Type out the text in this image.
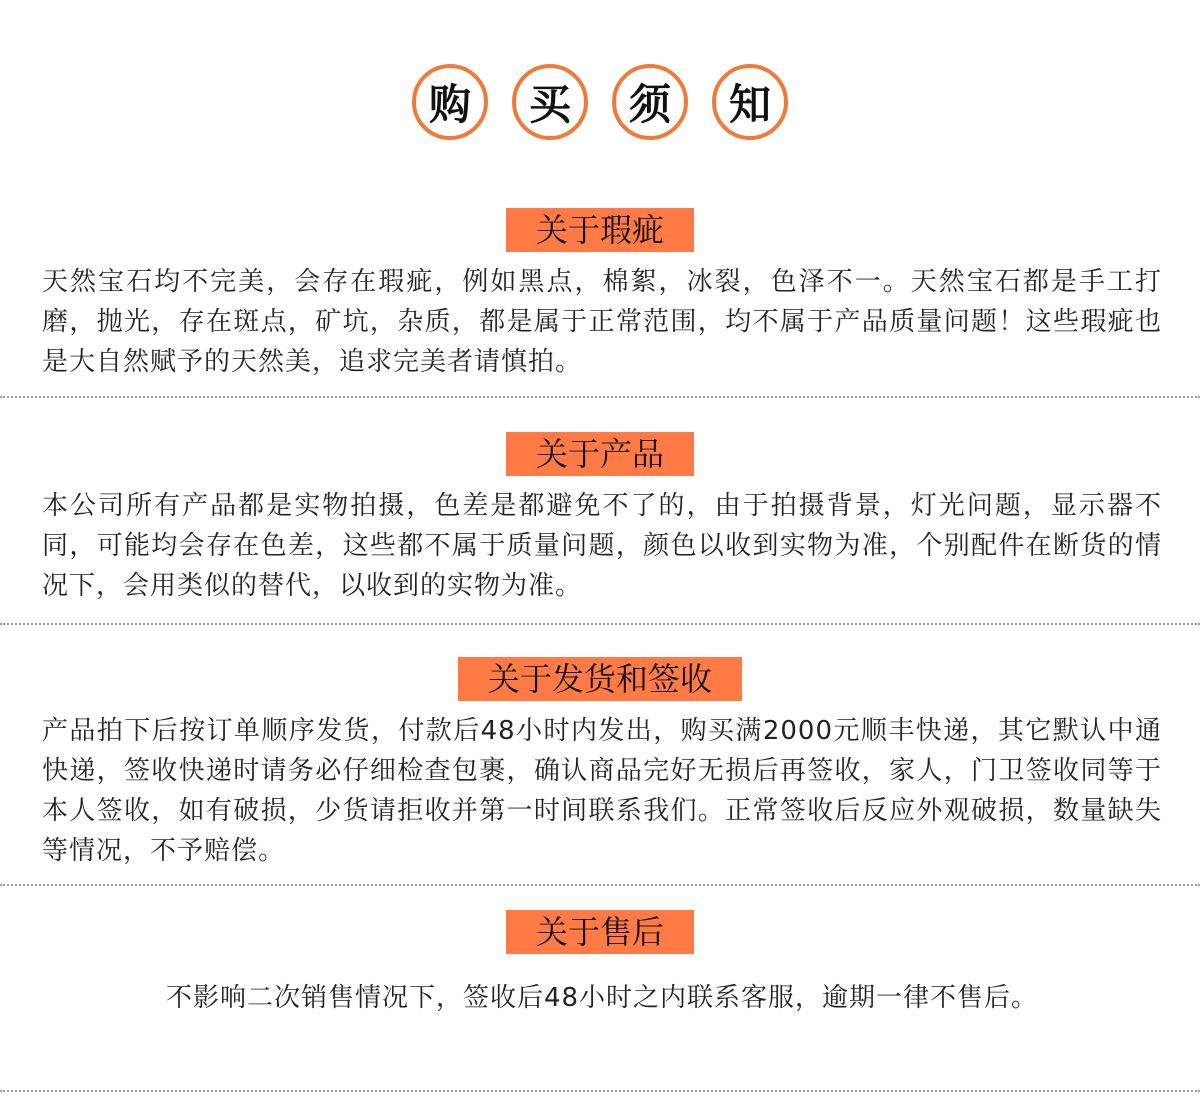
购	买	须	知
关于瑕疵
天然宝石均不完美，会存在瑕疵，例如黑点，棉絮，冰裂，色泽不一。天然宝石都是手工打磨，抛光，存在斑点，矿坑，杂质，都是属于正常范围，均不属于产品质量问题！这些瑕疵也是大自然赋予的天然美，追求完美者请慎拍。
关于产品
本公司所有产品都是实物拍摄，色差是都避免不了的，由于拍摄背景，灯光问题，显示器不同，可能均会存在色差，这些都不属于质量问题，颜色以收到实物为准，个别配件在断货的情况下，会用类似的替代，以收到的实物为准。
关于发货和签收
产品拍下后按订单顺序发货，付款后48小时内发出，购买满2000元顺丰快递，其它默认中通快递，签收快递时请务必仔细检查包裹，确认商品完好无损后再签收，家人，门卫签收同等于本人签收，如有破损，少货请拒收并第一时间联系我们。正常签收后反应外观破损，数量缺失等情况，不予赔偿。
关于售后
不影响二次销售情况下，签收后48小时之内联系客服，逾期一律不售后。
